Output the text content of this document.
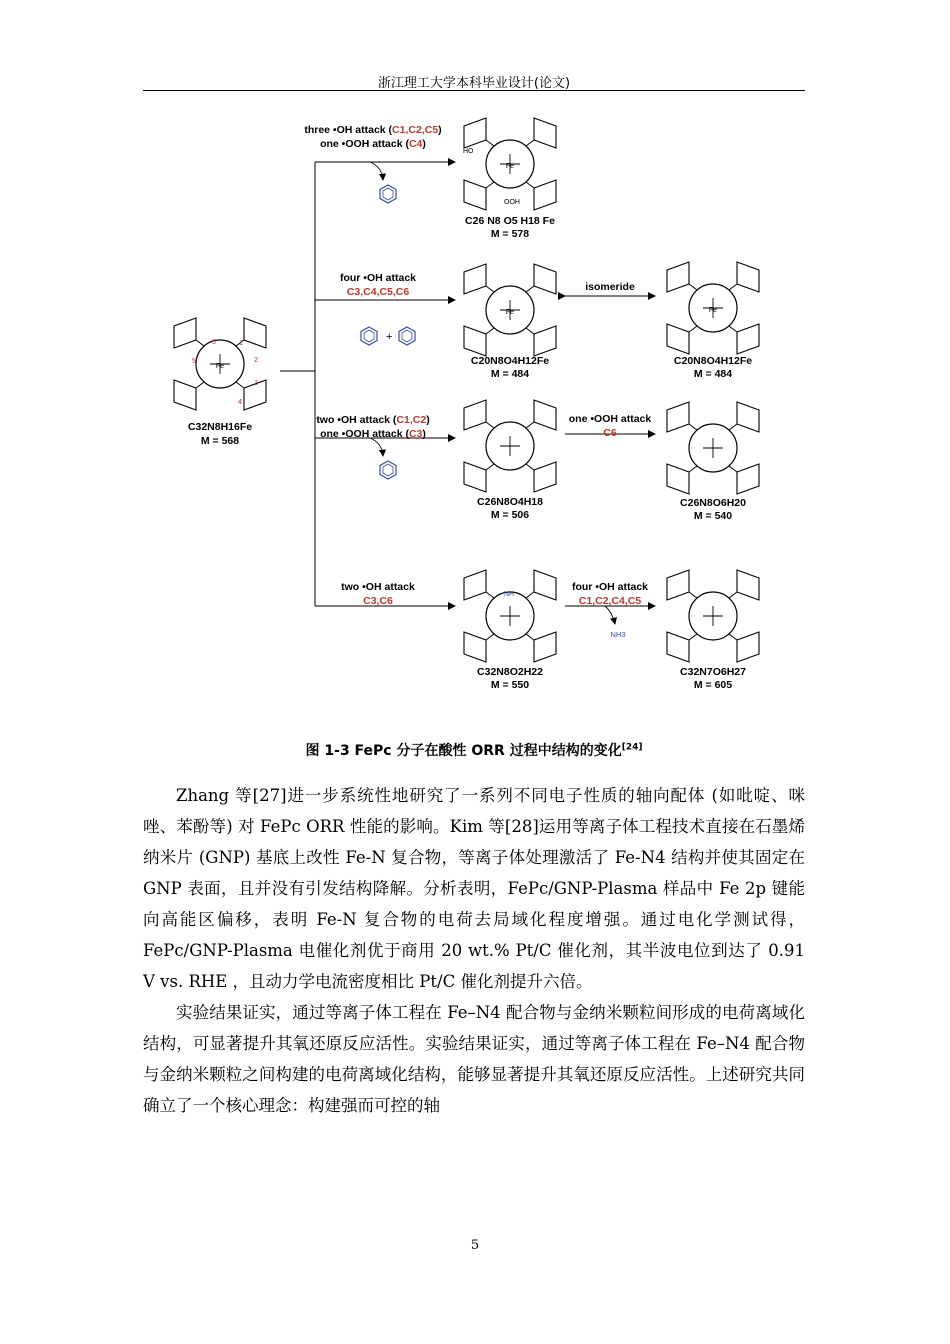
浙江理工大学本科毕业设计(论文)
Fe
1
2
3
4
5
6
C32N8H16Fe
M = 568
three •OH attack (C1,C2,C5)
one •OOH attack (C4)
Fe
HO
OOH
C26 N8 O5 H18 Fe
M = 578
four •OH attack
C3,C4,C5,C6
+
Fe
C20N8O4H12Fe
M = 484
isomeride
Fe
C20N8O4H12Fe
M = 484
two •OH attack (C1,C2)
one •OOH attack (C3)
C26N8O4H18
M = 506
one •OOH attack
C6
C26N8O6H20
M = 540
two •OH attack
C3,C6
NH
C32N8O2H22
M = 550
four •OH attack
C1,C2,C4,C5
NH3
C32N7O6H27
M = 605
图 1-3 FePc 分子在酸性 ORR 过程中结构的变化[24]

Zhang 等[27]进一步系统性地研究了一系列不同电子性质的轴向配体 (如吡啶、咪唑、苯酚等) 对 FePc ORR 性能的影响。Kim 等[28]运用等离子体工程技术直接在石墨烯纳米片 (GNP) 基底上改性 Fe-N 复合物，等离子体处理激活了 Fe-N4 结构并使其固定在 GNP 表面，且并没有引发结构降解。分析表明，FePc/GNP-Plasma 样品中 Fe 2p 键能向高能区偏移，表明 Fe-N 复合物的电荷去局域化程度增强。通过电化学测试得，FePc/GNP-Plasma 电催化剂优于商用 20 wt.% Pt/C 催化剂，其半波电位到达了 0.91 V vs. RHE ，且动力学电流密度相比 Pt/C 催化剂提升六倍。

实验结果证实，通过等离子体工程在 Fe–N4 配合物与金纳米颗粒间形成的电荷离域化结构，可显著提升其氧还原反应活性。实验结果证实，通过等离子体工程在 Fe–N4 配合物与金纳米颗粒之间构建的电荷离域化结构，能够显著提升其氧还原反应活性。上述研究共同确立了一个核心理念：构建强而可控的轴

5
